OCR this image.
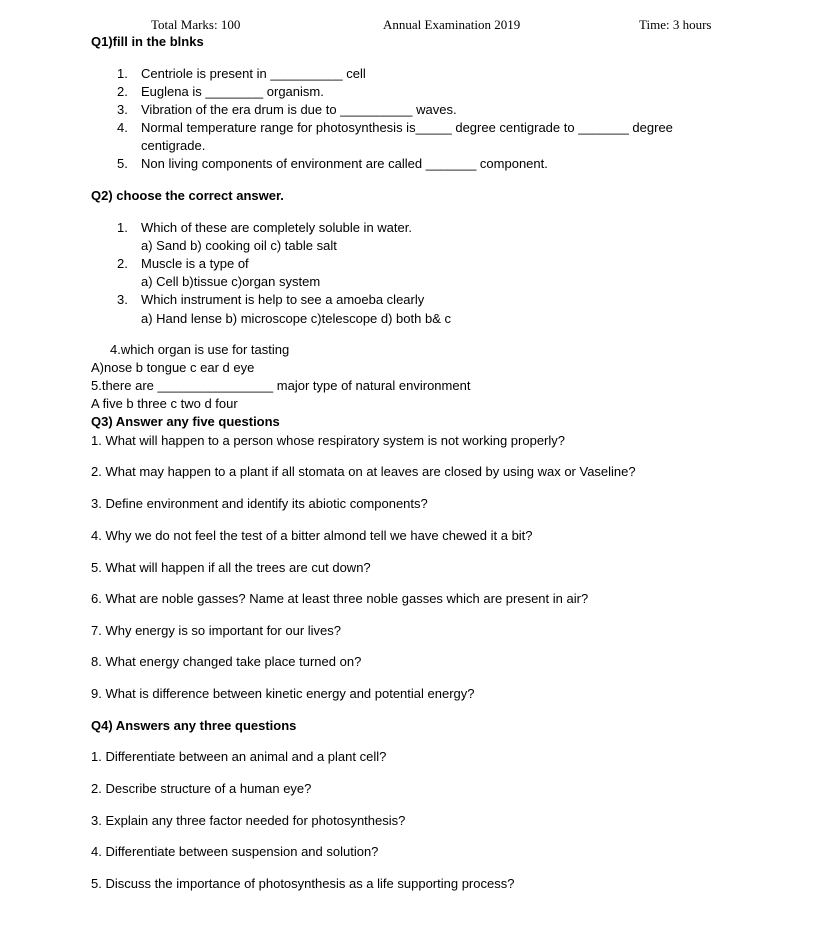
Total Marks: 100	Annual Examination 2019	Time: 3 hours
Q1)fill in the blnks
1. Centriole is present in __________ cell
2. Euglena is ________ organism.
3. Vibration of the era drum is due to __________ waves.
4. Normal temperature range for photosynthesis is_____ degree centigrade to _______ degree
centigrade.
5. Non living components of environment are called _______ component.
Q2) choose the correct answer.
1. Which of these are completely soluble in water.
a) Sand b) cooking oil c) table salt
2. Muscle is a type of
a) Cell b)tissue c)organ system
3. Which instrument is help to see a amoeba clearly
a) Hand lense b) microscope c)telescope d) both b& c
4.which organ is use for tasting
A)nose b tongue c ear d eye
5.there are ________________ major type of natural environment
A five b three c two d four
Q3) Answer any five questions
1. What will happen to a person whose respiratory system is not working properly?
2. What may happen to a plant if all stomata on at leaves are closed by using wax or Vaseline?
3. Define environment and identify its abiotic components?
4. Why we do not feel the test of a bitter almond tell we have chewed it a bit?
5. What will happen if all the trees are cut down?
6. What are noble gasses? Name at least three noble gasses which are present in air?
7. Why energy is so important for our lives?
8. What energy changed take place turned on?
9. What is difference between kinetic energy and potential energy?
Q4) Answers any three questions
1. Differentiate between an animal and a plant cell?
2. Describe structure of a human eye?
3. Explain any three factor needed for photosynthesis?
4. Differentiate between suspension and solution?
5. Discuss the importance of photosynthesis as a life supporting process?
